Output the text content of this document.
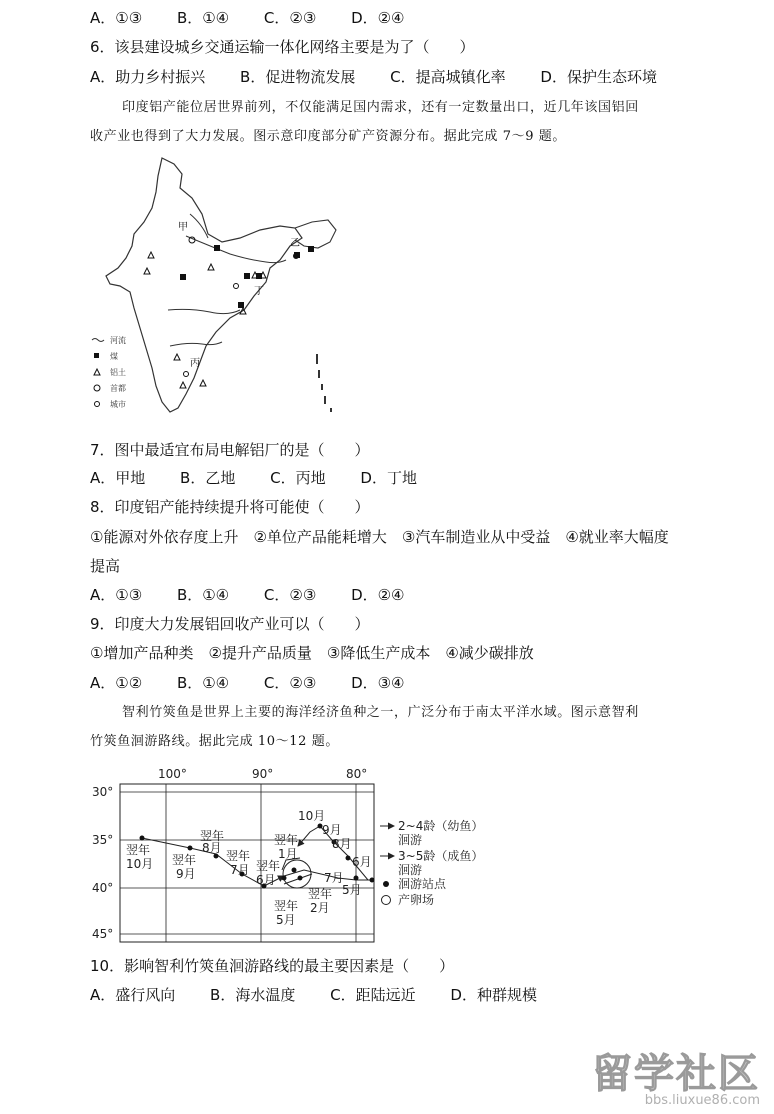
A．①③ B．①④ C．②③ D．②④
6．该县建设城乡交通运输一体化网络主要是为了（　　）
A．助力乡村振兴 B．促进物流发展 C．提高城镇化率 D．保护生态环境
印度铝产能位居世界前列，不仅能满足国内需求，还有一定数量出口，近几年该国铝回
收产业也得到了大力发展。图示意印度部分矿产资源分布。据此完成 7～9 题。
甲
乙
丙
丁
河流
煤
铝土
首都
城市
7．图中最适宜布局电解铝厂的是（　　）
A．甲地 B．乙地 C．丙地 D．丁地
8．印度铝产能持续提升将可能使（　　）
①能源对外依存度上升　②单位产品能耗增大　③汽车制造业从中受益　④就业率大幅度
提高
A．①③ B．①④ C．②③ D．②④
9．印度大力发展铝回收产业可以（　　）
①增加产品种类　②提升产品质量　③降低生产成本　④减少碳排放
A．①② B．①④ C．②③ D．③④
智利竹筴鱼是世界上主要的海洋经济鱼种之一，广泛分布于南太平洋水域。图示意智利
竹筴鱼洄游路线。据此完成 10～12 题。
100°	90°	80°
30°
35°
40°
45°
翌年
10月
翌年
8月
翌年
9月
翌年
7月 翌年
6月
翌年
1月
翌年
5月
翌年
2月
10月
9月
8月
7月
6月
5月
2~4龄（幼鱼）
洄游
3~5龄（成鱼）
洄游
洄游站点
产卵场
10．影响智利竹筴鱼洄游路线的最主要因素是（　　）
A．盛行风向 B．海水温度 C．距陆远近 D．种群规模
留学社区
bbs.liuxue86.com
